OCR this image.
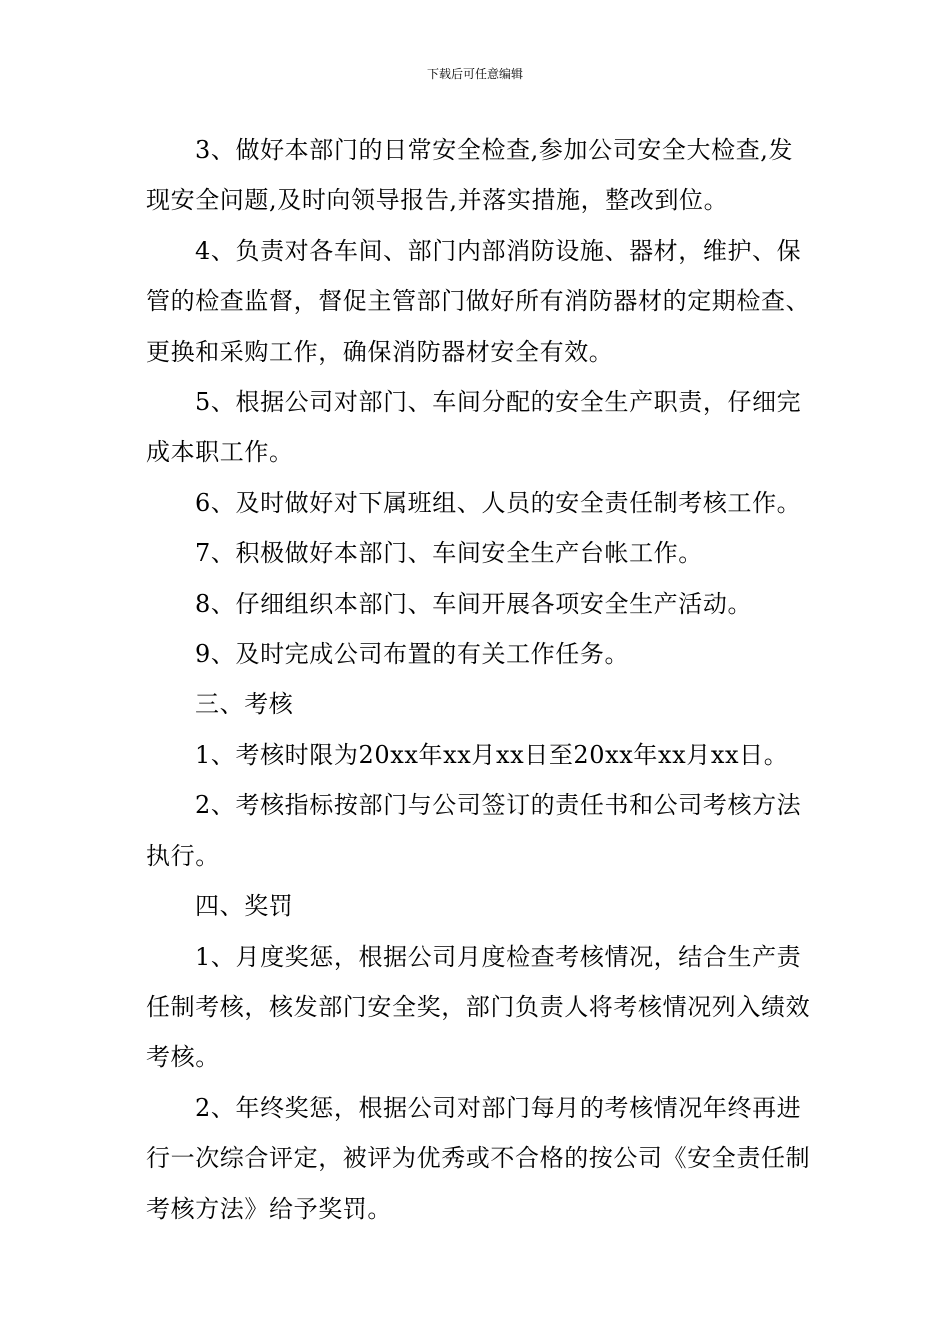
下载后可任意编辑

3、做好本部门的日常安全检查,参加公司安全大检查,发现安全问题,及时向领导报告,并落实措施，整改到位。

4、负责对各车间、部门内部消防设施、器材，维护、保管的检查监督，督促主管部门做好所有消防器材的定期检查、更换和采购工作，确保消防器材安全有效。

5、根据公司对部门、车间分配的安全生产职责，仔细完成本职工作。

6、及时做好对下属班组、人员的安全责任制考核工作。

7、积极做好本部门、车间安全生产台帐工作。

8、仔细组织本部门、车间开展各项安全生产活动。

9、及时完成公司布置的有关工作任务。

三、考核

1、考核时限为20xx年xx月xx日至20xx年xx月xx日。

2、考核指标按部门与公司签订的责任书和公司考核方法执行。

四、奖罚

1、月度奖惩，根据公司月度检查考核情况，结合生产责任制考核，核发部门安全奖，部门负责人将考核情况列入绩效考核。

2、年终奖惩，根据公司对部门每月的考核情况年终再进行一次综合评定，被评为优秀或不合格的按公司《安全责任制考核方法》给予奖罚。
